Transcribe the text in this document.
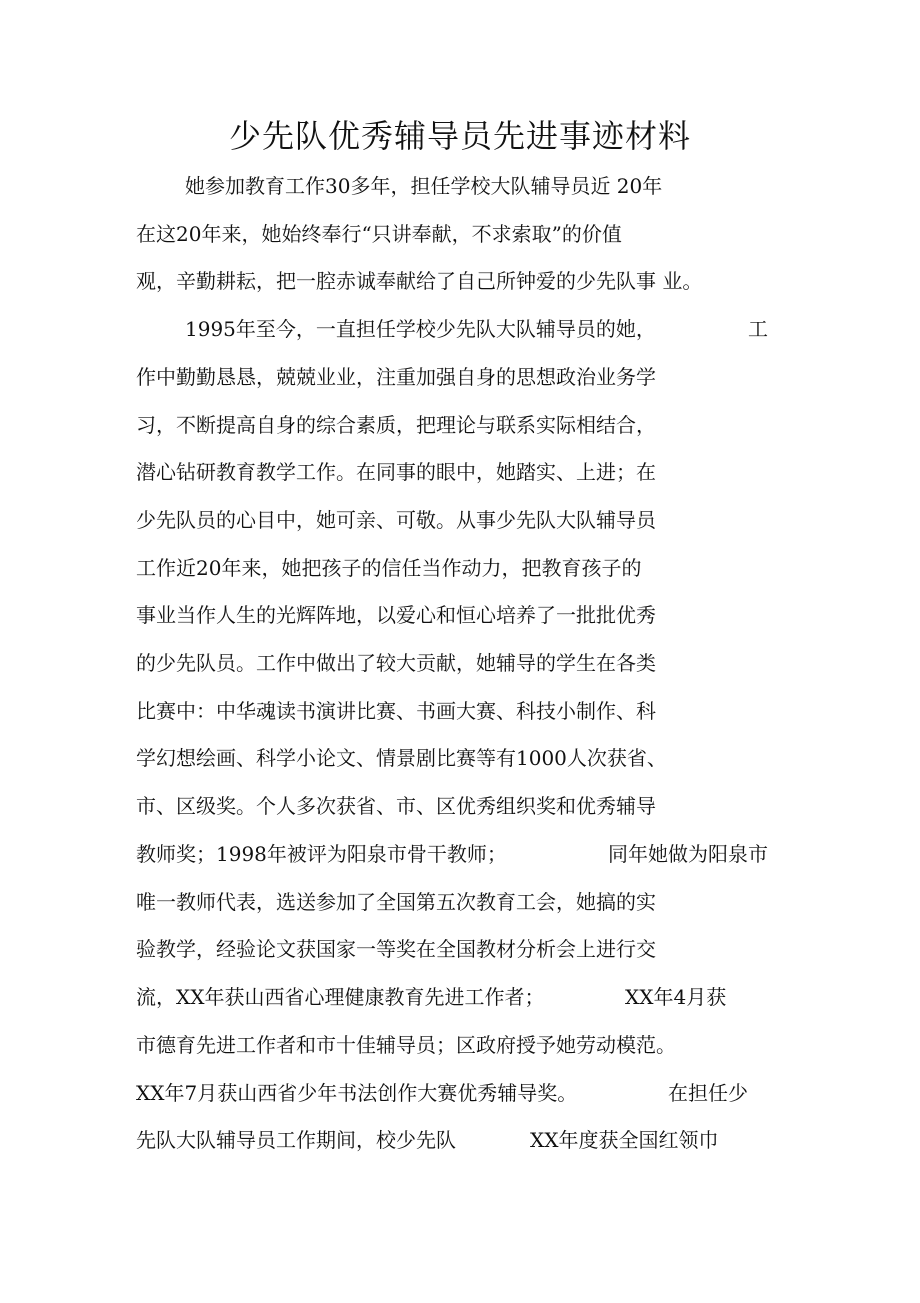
少先队优秀辅导员先进事迹材料

她参加教育工作30多年，担任学校大队辅导员近 20年

在这20年来，她始终奉行“只讲奉献，不求索取”的价值

观，辛勤耕耘，把一腔赤诚奉献给了自己所钟爱的少先队事 业。

1995年至今，一直担任学校少先队大队辅导员的她，	工

作中勤勤恳恳，兢兢业业，注重加强自身的思想政治业务学

习，不断提高自身的综合素质，把理论与联系实际相结合，

潜心钻研教育教学工作。在同事的眼中，她踏实、上进；在

少先队员的心目中，她可亲、可敬。从事少先队大队辅导员

工作近20年来，她把孩子的信任当作动力，把教育孩子的

事业当作人生的光辉阵地，以爱心和恒心培养了一批批优秀

的少先队员。工作中做出了较大贡献，她辅导的学生在各类

比赛中：中华魂读书演讲比赛、书画大赛、科技小制作、科

学幻想绘画、科学小论文、情景剧比赛等有1000人次获省、

市、区级奖。个人多次获省、市、区优秀组织奖和优秀辅导

教师奖；1998年被评为阳泉市骨干教师；	同年她做为阳泉市

唯一教师代表，选送参加了全国第五次教育工会，她搞的实

验教学，经验论文获国家一等奖在全国教材分析会上进行交

流，XX年获山西省心理健康教育先进工作者；	XX年4月获

市德育先进工作者和市十佳辅导员；区政府授予她劳动模范。

XX年7月获山西省少年书法创作大赛优秀辅导奖。	在担任少
先队大队辅导员工作期间，校少先队	XX年度获全国红领巾
